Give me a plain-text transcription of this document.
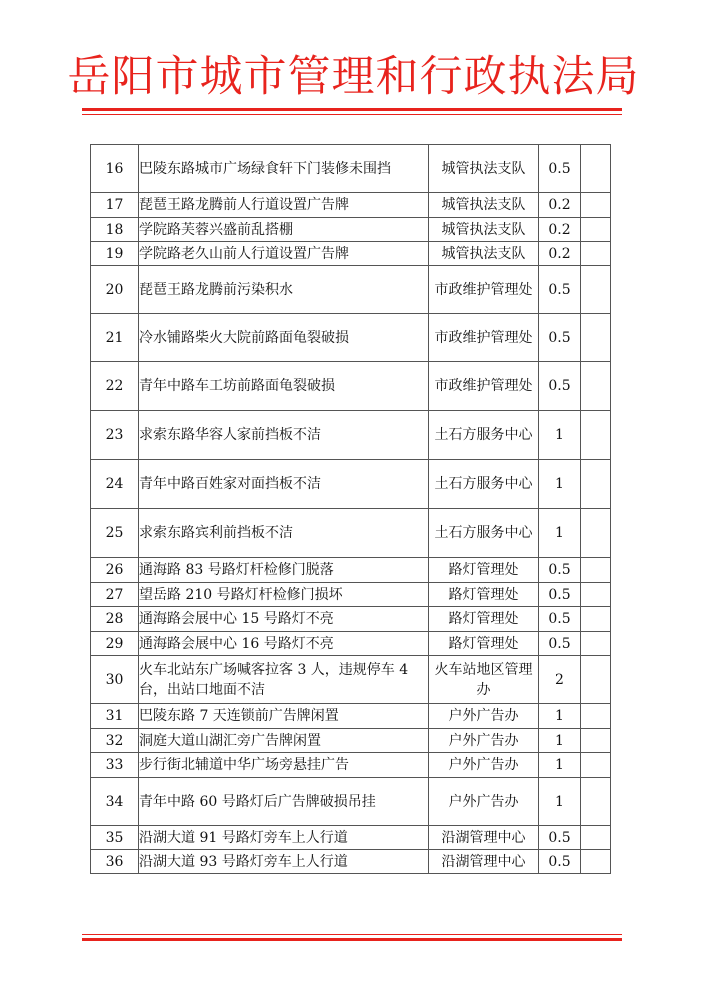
岳阳市城市管理和行政执法局
16	巴陵东路城市广场绿食轩下门装修未围挡	城管执法支队	0.5	
17	琵琶王路龙腾前人行道设置广告牌	城管执法支队	0.2	
18	学院路芙蓉兴盛前乱搭棚	城管执法支队	0.2	
19	学院路老久山前人行道设置广告牌	城管执法支队	0.2	
20	琵琶王路龙腾前污染积水	市政维护管理处	0.5	
21	冷水铺路柴火大院前路面龟裂破损	市政维护管理处	0.5	
22	青年中路车工坊前路面龟裂破损	市政维护管理处	0.5	
23	求索东路华容人家前挡板不洁	土石方服务中心	1	
24	青年中路百姓家对面挡板不洁	土石方服务中心	1	
25	求索东路宾利前挡板不洁	土石方服务中心	1	
26	通海路 83 号路灯杆检修门脱落	路灯管理处	0.5	
27	望岳路 210 号路灯杆检修门损坏	路灯管理处	0.5	
28	通海路会展中心 15 号路灯不亮	路灯管理处	0.5	
29	通海路会展中心 16 号路灯不亮	路灯管理处	0.5	
30	火车北站东广场喊客拉客 3 人，违规停车 4 台，出站口地面不洁	火车站地区管理办	2	
31	巴陵东路 7 天连锁前广告牌闲置	户外广告办	1	
32	洞庭大道山湖汇旁广告牌闲置	户外广告办	1	
33	步行街北辅道中华广场旁悬挂广告	户外广告办	1	
34	青年中路 60 号路灯后广告牌破损吊挂	户外广告办	1	
35	沿湖大道 91 号路灯旁车上人行道	沿湖管理中心	0.5	
36	沿湖大道 93 号路灯旁车上人行道	沿湖管理中心	0.5	
